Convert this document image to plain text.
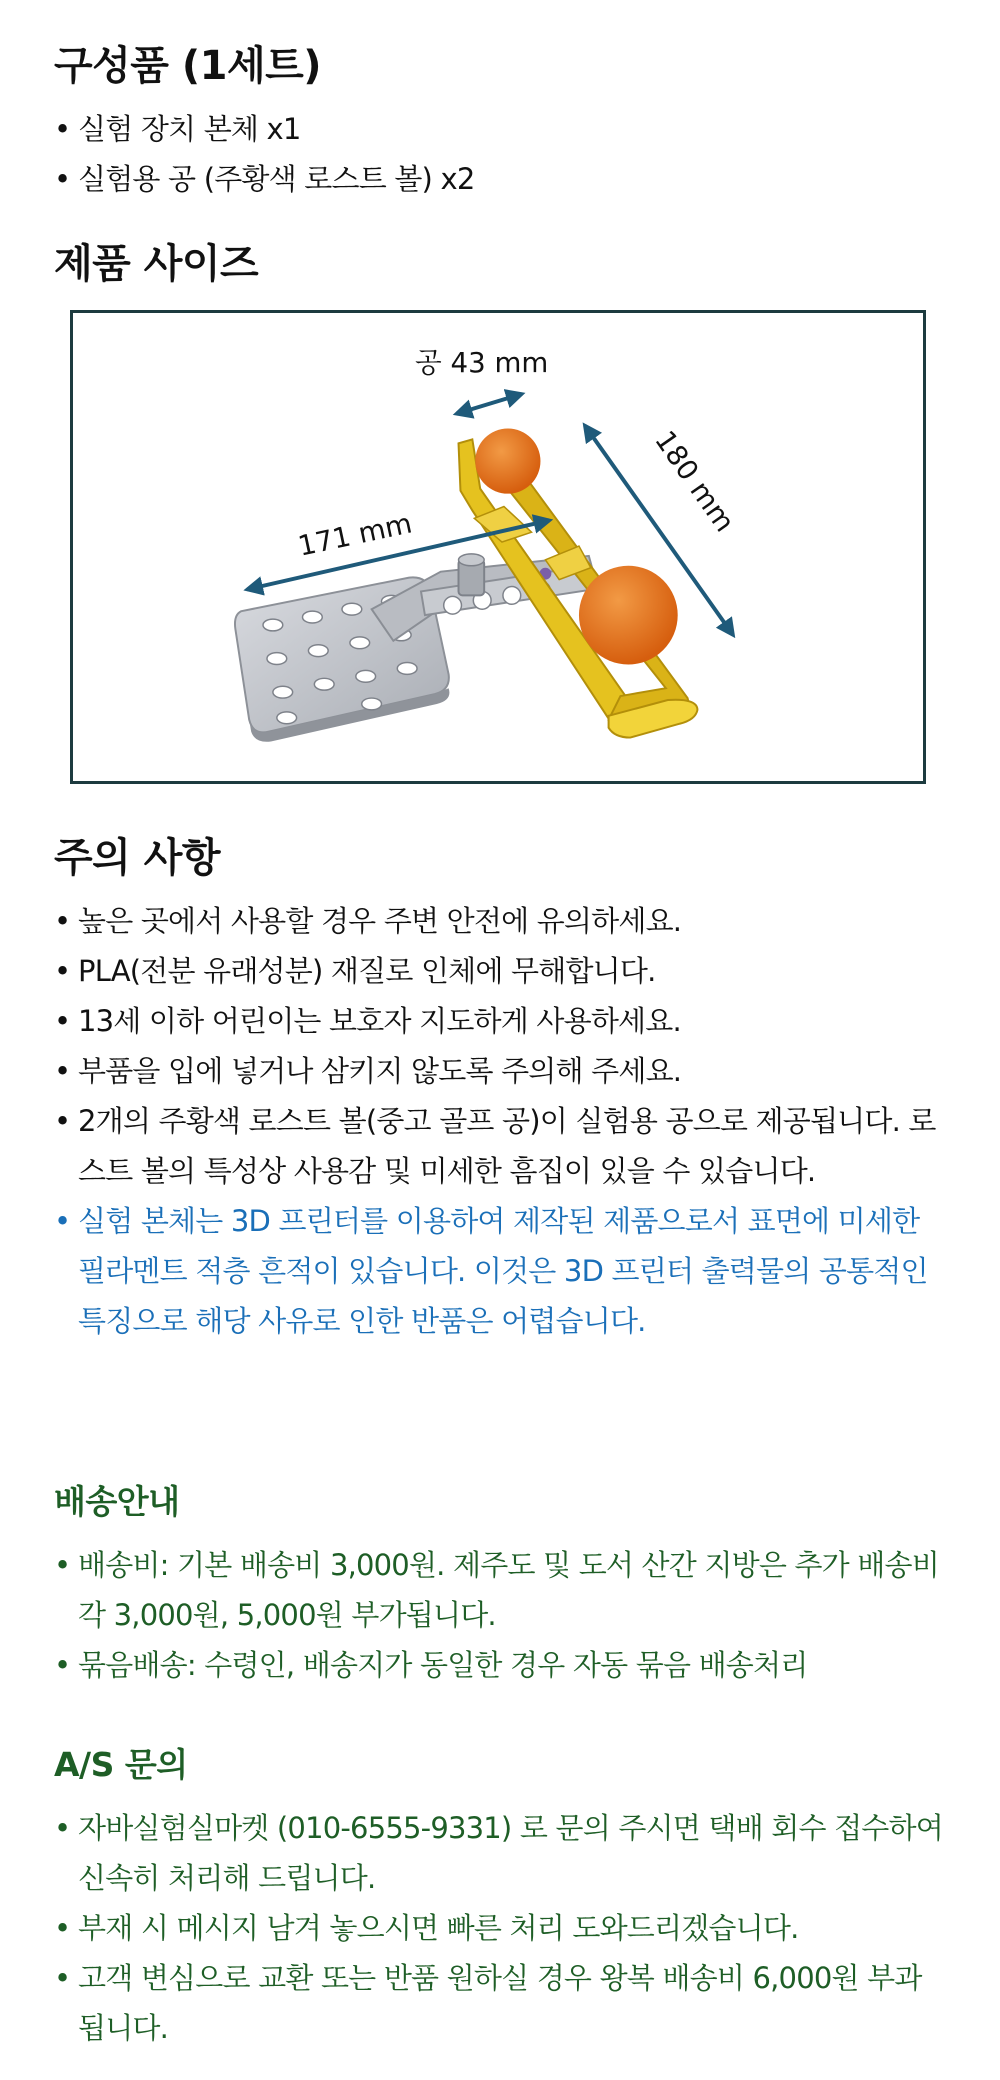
구성품 (1세트)
• 실험 장치 본체 x1
• 실험용 공 (주황색 로스트 볼) x2
제품 사이즈
공 43 mm
171 mm	180 mm
주의 사항
• 높은 곳에서 사용할 경우 주변 안전에 유의하세요.
• PLA(전분 유래성분) 재질로 인체에 무해합니다.
• 13세 이하 어린이는 보호자 지도하게 사용하세요.
• 부품을 입에 넣거나 삼키지 않도록 주의해 주세요.
• 2개의 주황색 로스트 볼(중고 골프 공)이 실험용 공으로 제공됩니다. 로스트 볼의 특성상 사용감 및 미세한 흠집이 있을 수 있습니다.
• 실험 본체는 3D 프린터를 이용하여 제작된 제품으로서 표면에 미세한 필라멘트 적층 흔적이 있습니다. 이것은 3D 프린터 출력물의 공통적인 특징으로 해당 사유로 인한 반품은 어렵습니다.
배송안내
• 배송비: 기본 배송비 3,000원. 제주도 및 도서 산간 지방은 추가 배송비 각 3,000원, 5,000원 부가됩니다.
• 묶음배송: 수령인, 배송지가 동일한 경우 자동 묶음 배송처리
A/S 문의
• 자바실험실마켓 (010-6555-9331) 로 문의 주시면 택배 회수 접수하여 신속히 처리해 드립니다.
• 부재 시 메시지 남겨 놓으시면 빠른 처리 도와드리겠습니다.
• 고객 변심으로 교환 또는 반품 원하실 경우 왕복 배송비 6,000원 부과됩니다.
